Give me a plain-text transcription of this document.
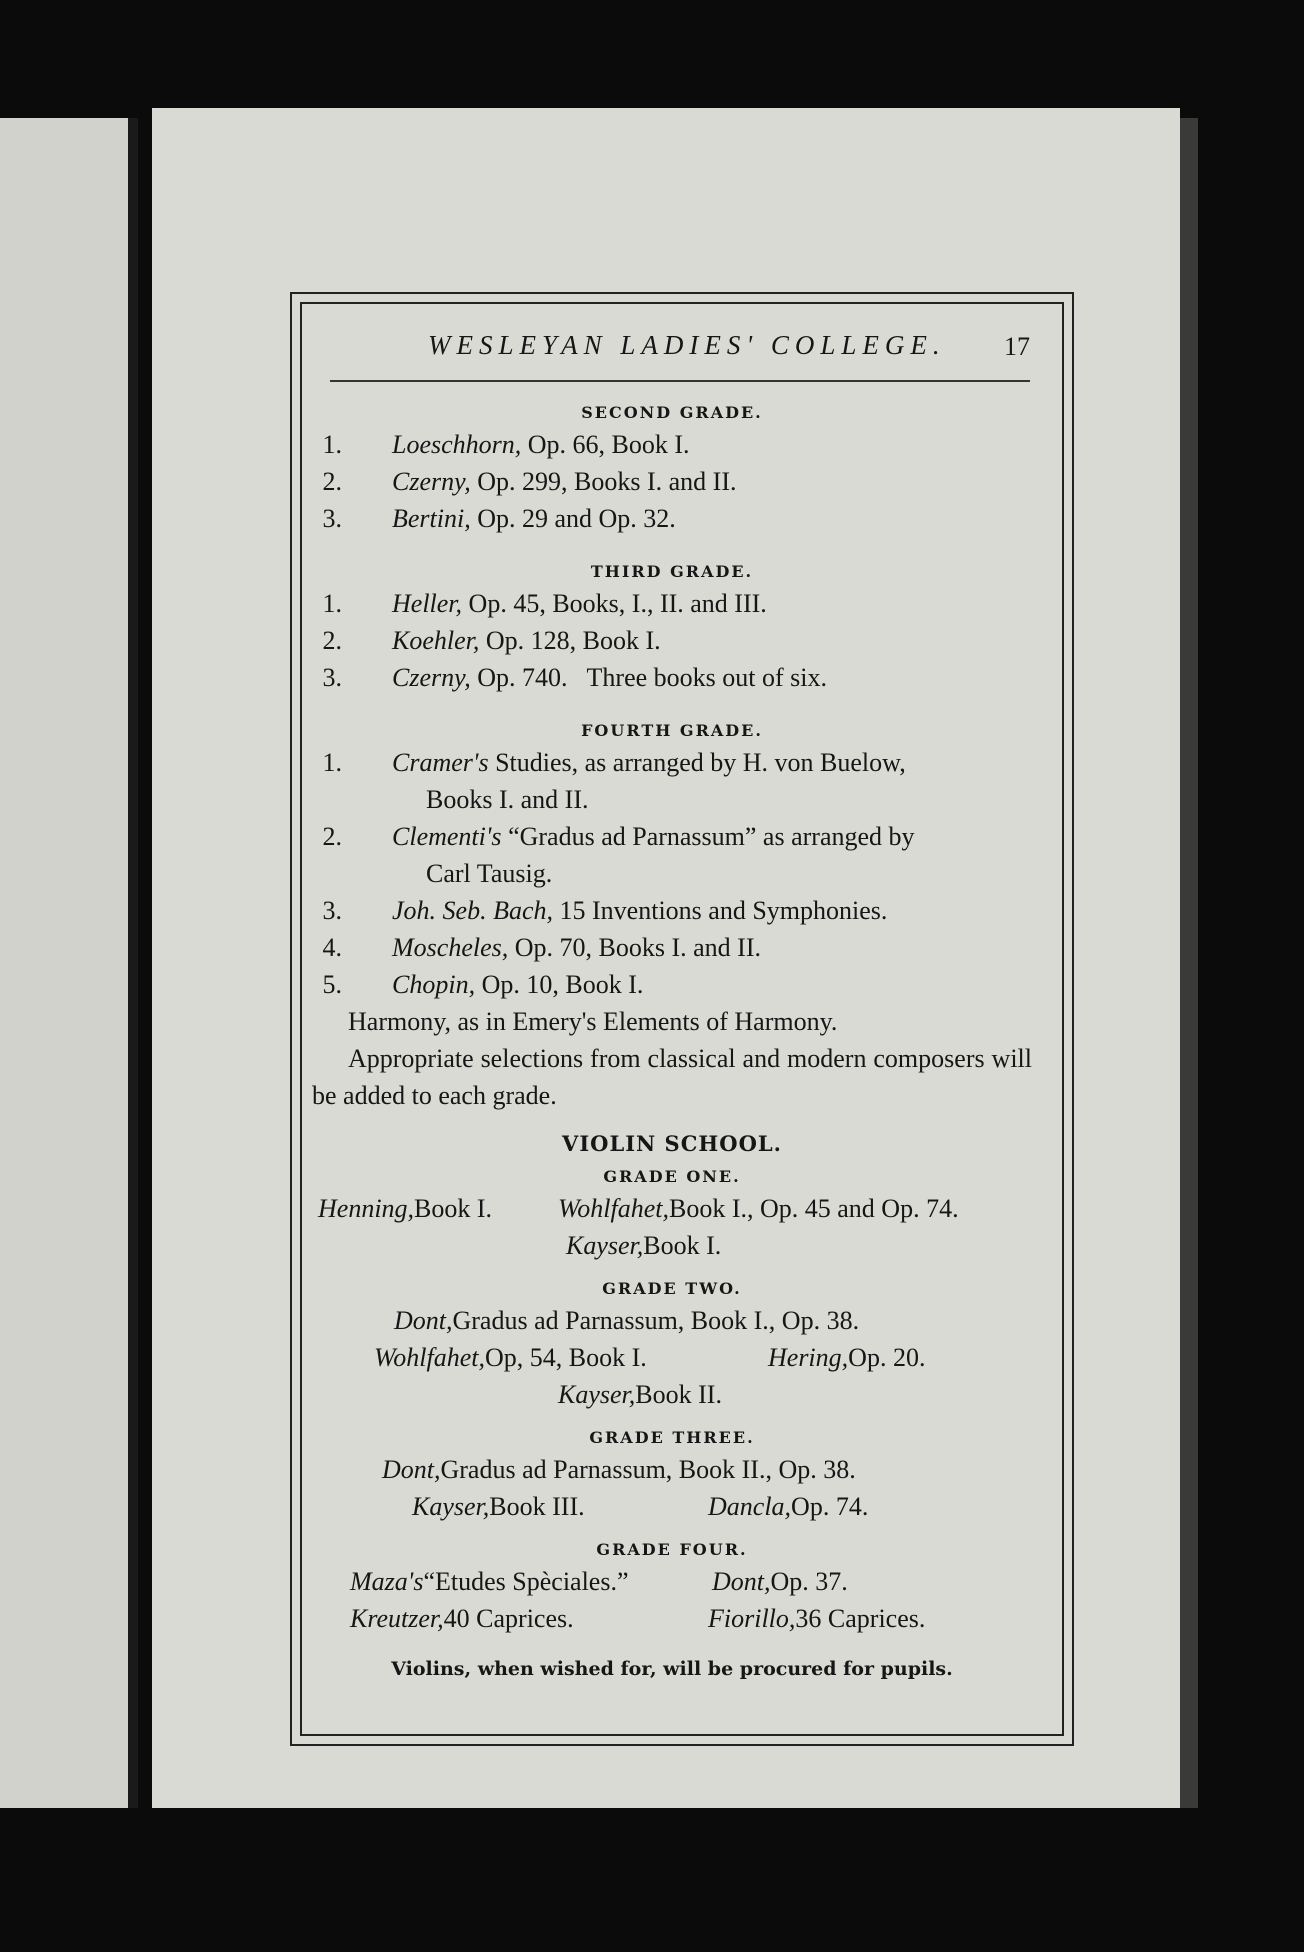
WESLEYAN LADIES' COLLEGE. 17
SECOND GRADE.
1.	Loeschhorn, Op. 66, Book I.
2.	Czerny, Op. 299, Books I. and II.
3.	Bertini, Op. 29 and Op. 32.
THIRD GRADE.
1.	Heller, Op. 45, Books, I., II. and III.
2.	Koehler, Op. 128, Book I.
3.	Czerny, Op. 740.   Three books out of six.
FOURTH GRADE.
1.	Cramer's Studies, as arranged by H. von Buelow,
Books I. and II.
2.	Clementi's “Gradus ad Parnassum” as arranged by
Carl Tausig.
3.	Joh. Seb. Bach, 15 Inventions and Symphonies.
4.	Moscheles, Op. 70, Books I. and II.
5.	Chopin, Op. 10, Book I.
Harmony, as in Emery's Elements of Harmony.
Appropriate selections from classical and modern composers will be added to each grade.
VIOLIN SCHOOL.
GRADE ONE.
Henning, Book I.	Wohlfahet, Book I., Op. 45 and Op. 74.
Kayser, Book I.
GRADE TWO.
Dont, Gradus ad Parnassum, Book I., Op. 38.
Wohlfahet, Op, 54, Book I.	Hering, Op. 20.
Kayser, Book II.
GRADE THREE.
Dont, Gradus ad Parnassum, Book II., Op. 38.
Kayser, Book III.	Dancla, Op. 74.
GRADE FOUR.
Maza's “Etudes Spèciales.”	Dont, Op. 37.
Kreutzer, 40 Caprices.	Fiorillo, 36 Caprices.
Violins, when wished for, will be procured for pupils.
